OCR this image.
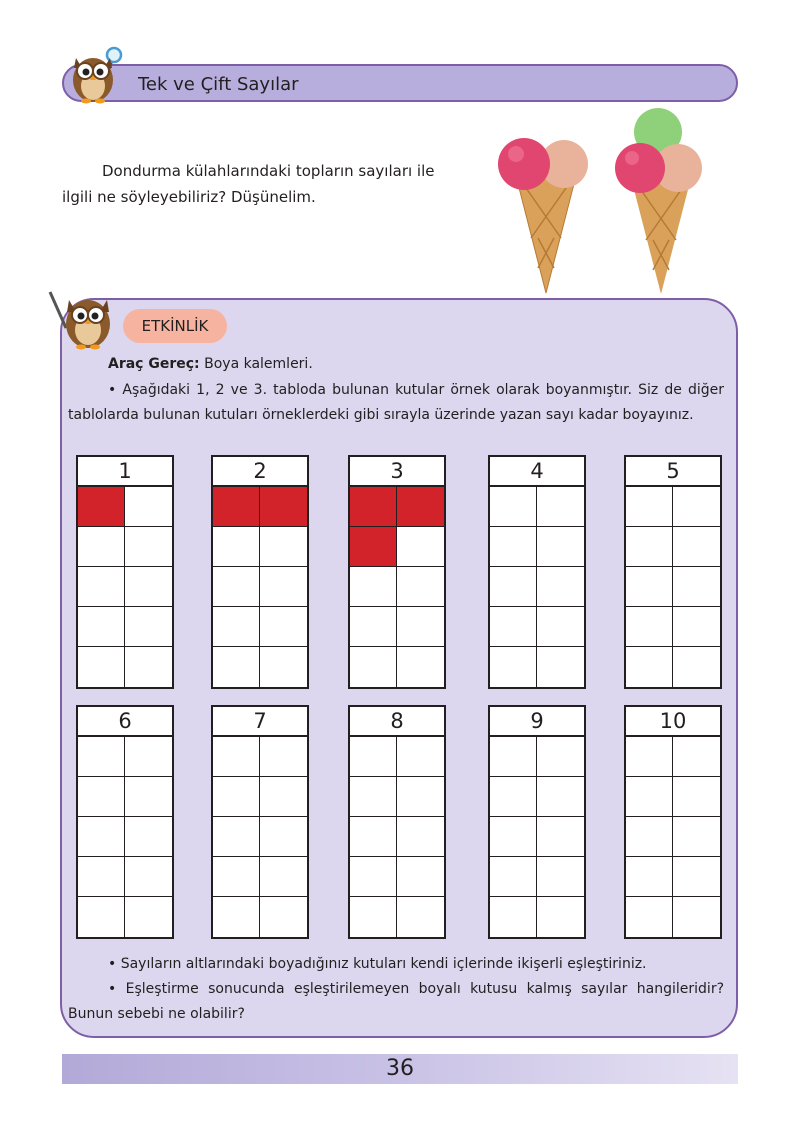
Tek ve Çift Sayılar
Dondurma külahlarındaki topların sayıları ile ilgili ne söyleyebiliriz? Düşünelim.
ETKİNLİK
Araç Gereç: Boya kalemleri.
• Aşağıdaki 1, 2 ve 3. tabloda bulunan kutular örnek olarak boyanmıştır. Siz de diğer tablolarda bulunan kutuları örneklerdeki gibi sırayla üzerinde yazan sayı kadar boyayınız.
1	2	3	4	5
6	7	8	9	10
• Sayıların altlarındaki boyadığınız kutuları kendi içlerinde ikişerli eşleştiriniz.
• Eşleştirme sonucunda eşleştirilemeyen boyalı kutusu kalmış sayılar hangileridir? Bunun sebebi ne olabilir?
36
